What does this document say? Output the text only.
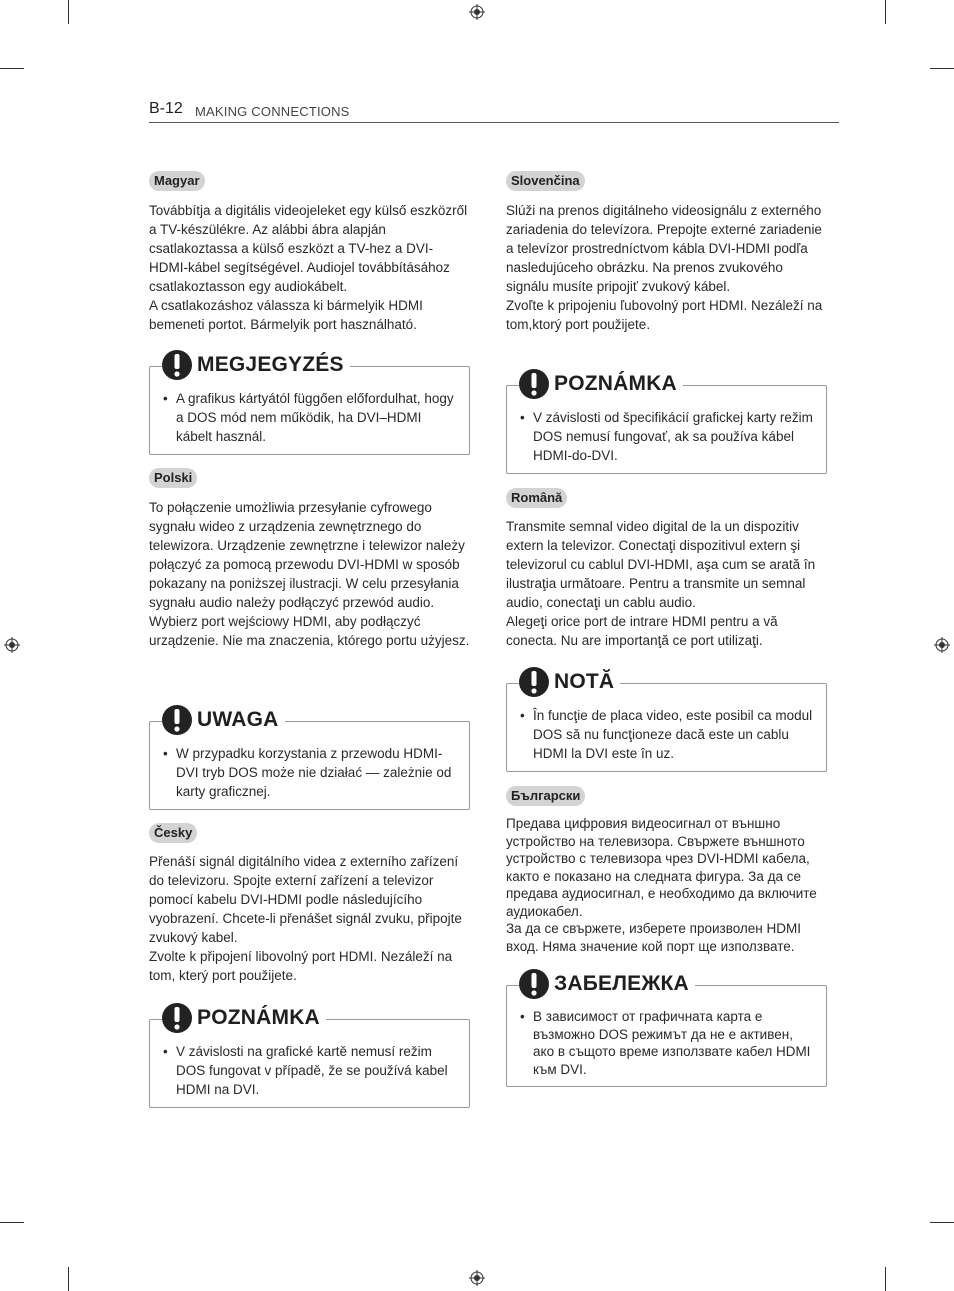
B-12 MAKING CONNECTIONS
Magyar

Továbbítja a digitális videojeleket egy külső eszközről a TV-készülékre. Az alábbi ábra alapján csatlakoztassa a külső eszközt a TV-hez a DVI-HDMI-kábel segítségével. Audiojel továbbításához csatlakoztasson egy audiokábelt.

A csatlakozáshoz válassza ki bármelyik HDMI bemeneti portot. Bármelyik port használható.

MEGJEGYZÉS

• A grafikus kártyától függően előfordulhat, hogy a DOS mód nem működik, ha DVI–HDMI kábelt használ.

Polski

To połączenie umożliwia przesyłanie cyfrowego sygnału wideo z urządzenia zewnętrznego do telewizora. Urządzenie zewnętrzne i telewizor należy połączyć za pomocą przewodu DVI-HDMI w sposób pokazany na poniższej ilustracji. W celu przesyłania sygnału audio należy podłączyć przewód audio.

Wybierz port wejściowy HDMI, aby podłączyć urządzenie. Nie ma znaczenia, którego portu użyjesz.

UWAGA

• W przypadku korzystania z przewodu HDMI-DVI tryb DOS może nie działać — zależnie od karty graficznej.

Česky

Přenáší signál digitálního videa z externího zařízení do televizoru. Spojte externí zařízení a televizor pomocí kabelu DVI-HDMI podle následujícího vyobrazení. Chcete-li přenášet signál zvuku, připojte zvukový kabel.

Zvolte k připojení libovolný port HDMI. Nezáleží na tom, který port použijete.

POZNÁMKA

• V závislosti na grafické kartě nemusí režim DOS fungovat v případě, že se používá kabel HDMI na DVI.

Slovenčina

Slúži na prenos digitálneho videosignálu z externého zariadenia do televízora. Prepojte externé zariadenie a televízor prostredníctvom kábla DVI-HDMI podľa nasledujúceho obrázku. Na prenos zvukového signálu musíte pripojiť zvukový kábel.

Zvoľte k pripojeniu ľubovolný port HDMI. Nezáleží na tom,ktorý port použijete.

POZNÁMKA

• V závislosti od špecifikácií grafickej karty režim DOS nemusí fungovať, ak sa používa kábel HDMI-do-DVI.

Română

Transmite semnal video digital de la un dispozitiv extern la televizor. Conectaţi dispozitivul extern şi televizorul cu cablul DVI-HDMI, aşa cum se arată în ilustraţia următoare. Pentru a transmite un semnal audio, conectaţi un cablu audio.

Alegeţi orice port de intrare HDMI pentru a vă conecta. Nu are importanţă ce port utilizaţi.

NOTĂ

• În funcţie de placa video, este posibil ca modul DOS să nu funcţioneze dacă este un cablu HDMI la DVI este în uz.

Български

Предава цифровия видеосигнал от външно устройство на телевизора. Свържете външното устройство с телевизора чрез DVI-HDMI кабела, както е показано на следната фигура. За да се предава аудиосигнал, е необходимо да включите аудиокабел.

За да се свържете, изберете произволен HDMI вход. Няма значение кой порт ще използвате.

ЗАБЕЛЕЖКА

• В зависимост от графичната карта е възможно DOS режимът да не е активен, ако в същото време използвате кабел HDMI към DVI.
